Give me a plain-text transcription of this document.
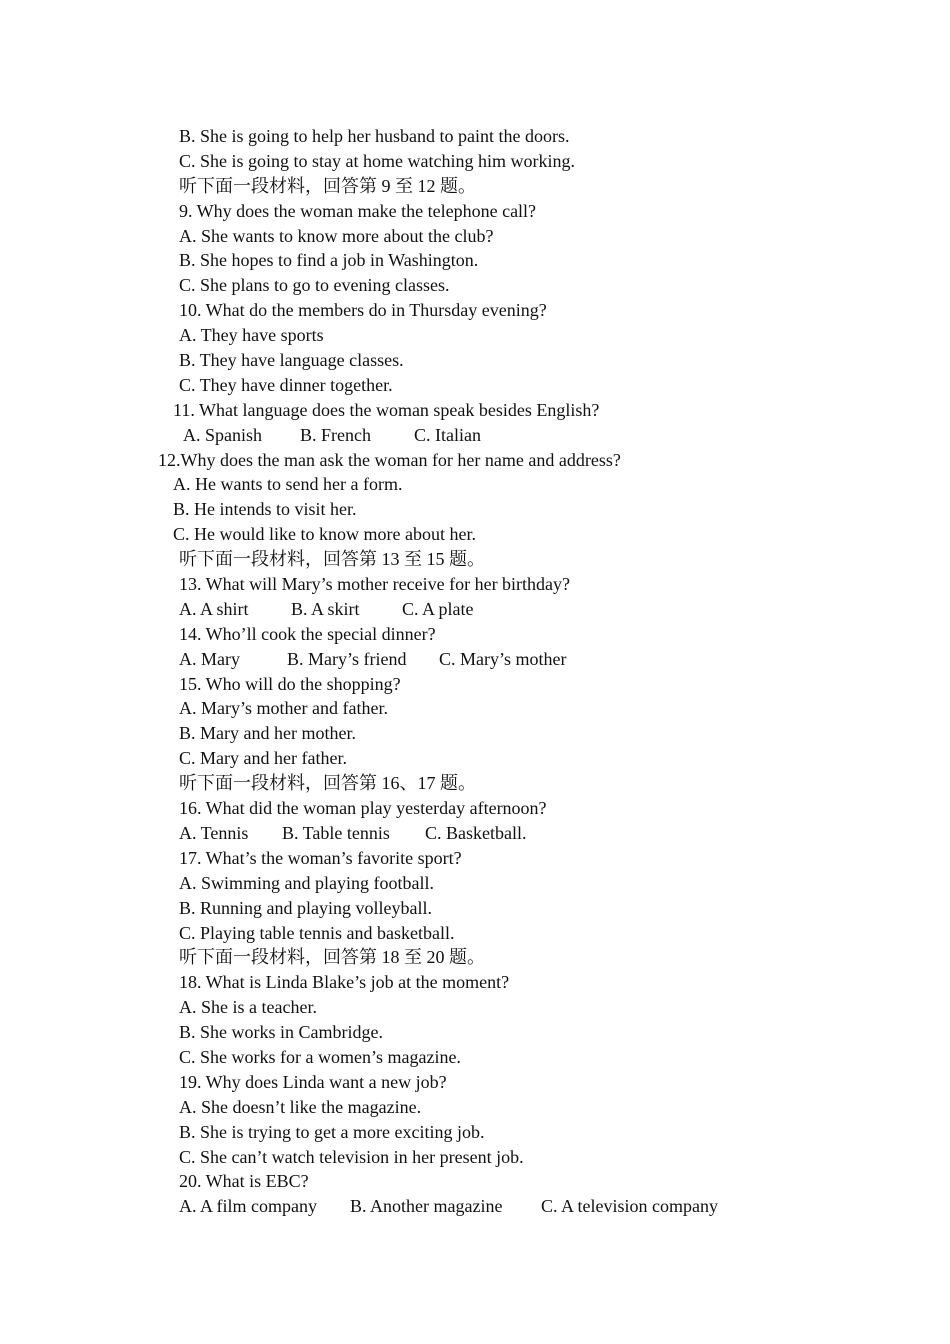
B. She is going to help her husband to paint the doors.
C. She is going to stay at home watching him working.
听下面一段材料，回答第 9 至 12 题。
9. Why does the woman make the telephone call?
A. She wants to know more about the club?
B. She hopes to find a job in Washington.
C. She plans to go to evening classes.
10. What do the members do in Thursday evening?
A. They have sports
B. They have language classes.
C. They have dinner together.
11. What language does the woman speak besides English?
A. Spanish B. French C. Italian
12.Why does the man ask the woman for her name and address?
A. He wants to send her a form.
B. He intends to visit her.
C. He would like to know more about her.
听下面一段材料，回答第 13 至 15 题。
13. What will Mary’s mother receive for her birthday?
A. A shirt B. A skirt C. A plate
14. Who’ll cook the special dinner?
A. Mary	B. Mary’s friend C. Mary’s mother
15. Who will do the shopping?
A. Mary’s mother and father.
B. Mary and her mother.
C. Mary and her father.
听下面一段材料，回答第 16、17 题。
16. What did the woman play yesterday afternoon?
A. Tennis B. Table tennis C. Basketball.
17. What’s the woman’s favorite sport?
A. Swimming and playing football.
B. Running and playing volleyball.
C. Playing table tennis and basketball.
听下面一段材料，回答第 18 至 20 题。
18. What is Linda Blake’s job at the moment?
A. She is a teacher.
B. She works in Cambridge.
C. She works for a women’s magazine.
19. Why does Linda want a new job?
A. She doesn’t like the magazine.
B. She is trying to get a more exciting job.
C. She can’t watch television in her present job.
20. What is EBC?
A. A film company B. Another magazine C. A television company
